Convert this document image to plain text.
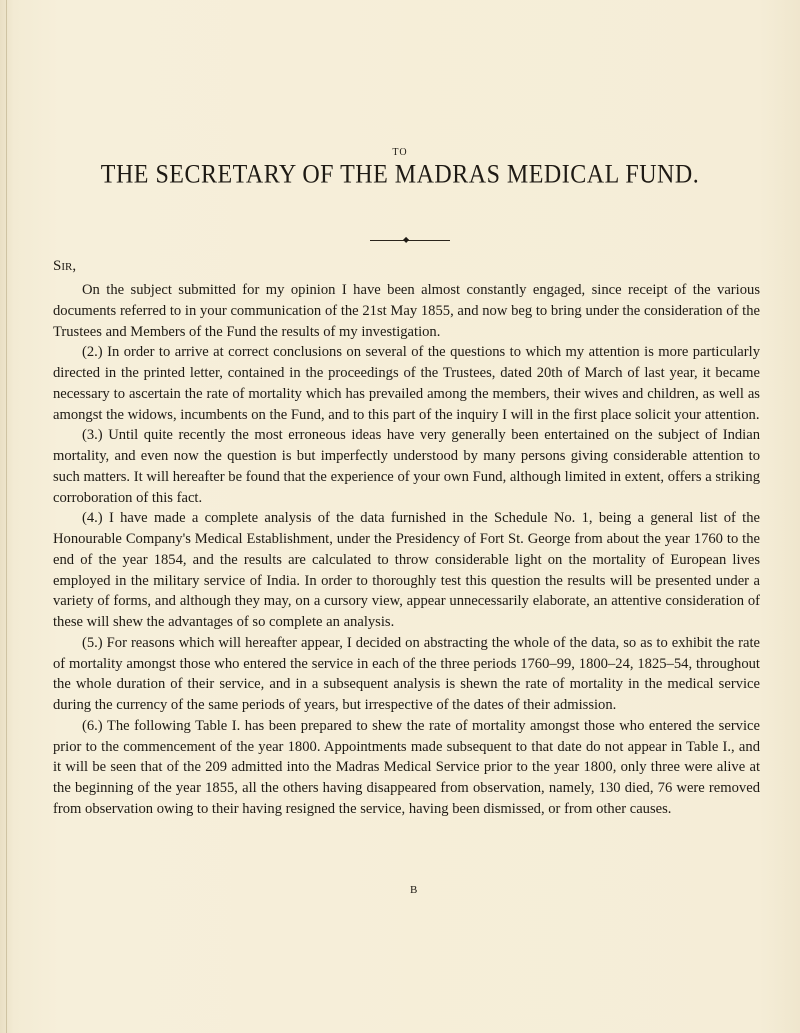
TO
THE SECRETARY OF THE MADRAS MEDICAL FUND.
◆
Sir,

On the subject submitted for my opinion I have been almost constantly engaged, since receipt of the various documents referred to in your communication of the 21st May 1855, and now beg to bring under the consideration of the Trustees and Members of the Fund the results of my investigation.

(2.) In order to arrive at correct conclusions on several of the questions to which my attention is more particularly directed in the printed letter, contained in the proceedings of the Trustees, dated 20th of March of last year, it became necessary to ascertain the rate of mortality which has prevailed among the members, their wives and children, as well as amongst the widows, incumbents on the Fund, and to this part of the inquiry I will in the first place solicit your attention.

(3.) Until quite recently the most erroneous ideas have very generally been entertained on the subject of Indian mortality, and even now the question is but imperfectly understood by many persons giving considerable attention to such matters. It will hereafter be found that the experience of your own Fund, although limited in extent, offers a striking corroboration of this fact.

(4.) I have made a complete analysis of the data furnished in the Schedule No. 1, being a general list of the Honourable Company's Medical Establishment, under the Presidency of Fort St. George from about the year 1760 to the end of the year 1854, and the results are calculated to throw considerable light on the mortality of European lives employed in the military service of India. In order to thoroughly test this question the results will be presented under a variety of forms, and although they may, on a cursory view, appear unnecessarily elaborate, an attentive consideration of these will shew the advantages of so complete an analysis.

(5.) For reasons which will hereafter appear, I decided on abstracting the whole of the data, so as to exhibit the rate of mortality amongst those who entered the service in each of the three periods 1760–99, 1800–24, 1825–54, throughout the whole duration of their service, and in a subsequent analysis is shewn the rate of mortality in the medical service during the currency of the same periods of years, but irrespective of the dates of their admission.

(6.) The following Table I. has been prepared to shew the rate of mortality amongst those who entered the service prior to the commencement of the year 1800. Appointments made subsequent to that date do not appear in Table I., and it will be seen that of the 209 admitted into the Madras Medical Service prior to the year 1800, only three were alive at the beginning of the year 1855, all the others having disappeared from observation, namely, 130 died, 76 were removed from observation owing to their having resigned the service, having been dismissed, or from other causes.

B
